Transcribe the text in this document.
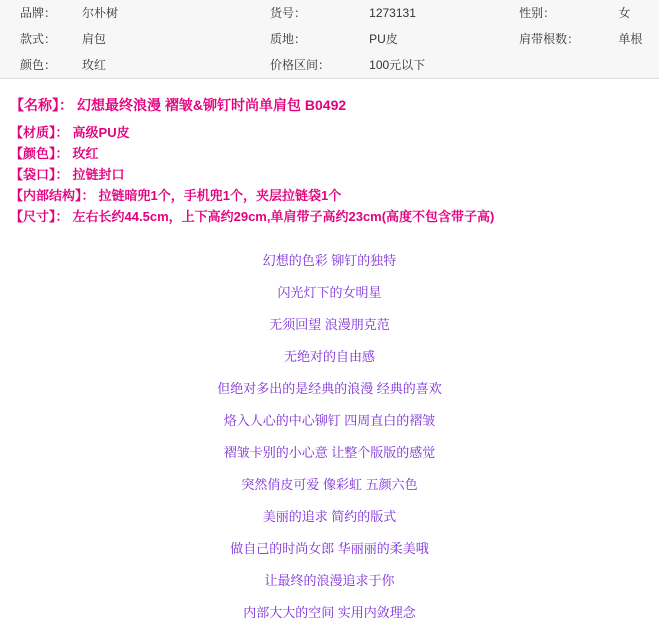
	品牌：	尔朴树	货号：	1273131	性别：	女
	款式：	肩包	质地：	PU皮	肩带根数：	单根
	颜色：	玫红	价格区间：	100元以下		
【名称】： 幻想最终浪漫 褶皱&铆钉时尚单肩包 B0492
【材质】： 高级PU皮
【颜色】： 玫红
【袋口】： 拉链封口
【内部结构】： 拉链暗兜1个，手机兜1个，夹层拉链袋1个
【尺寸】： 左右长约44.5cm，上下高约29cm,单肩带子高约23cm(高度不包含带子高)
幻想的色彩 铆钉的独特
闪光灯下的女明星
无须回望 浪漫朋克范
无绝对的自由感
但绝对多出的是经典的浪漫 经典的喜欢
烙入人心的中心铆钉 四周直白的褶皱
褶皱卡别的小心意 让整个版版的感觉
突然俏皮可爱 像彩虹 五颜六色
美丽的追求 简约的版式
做自己的时尚女郎 华丽丽的柔美哦
让最终的浪漫追求于你
内部大大的空间 实用内敛理念
